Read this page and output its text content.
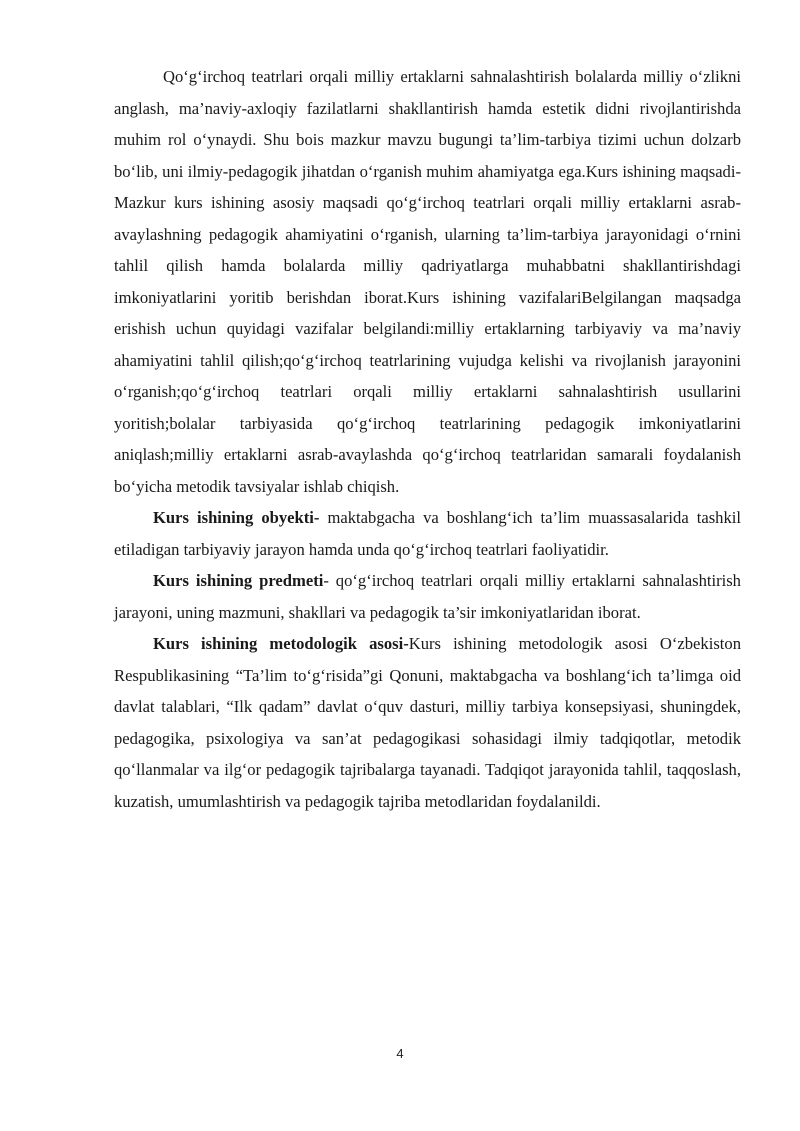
Qo‘g‘irchoq teatrlari orqali milliy ertaklarni sahnalashtirish bolalarda milliy o‘zlikni anglash, ma’naviy-axloqiy fazilatlarni shakllantirish hamda estetik didni rivojlantirishda muhim rol o‘ynaydi. Shu bois mazkur mavzu bugungi ta’lim-tarbiya tizimi uchun dolzarb bo‘lib, uni ilmiy-pedagogik jihatdan o‘rganish muhim ahamiyatga ega.Kurs ishining maqsadi-Mazkur kurs ishining asosiy maqsadi qo‘g‘irchoq teatrlari orqali milliy ertaklarni asrab-avaylashning pedagogik ahamiyatini o‘rganish, ularning ta’lim-tarbiya jarayonidagi o‘rnini tahlil qilish hamda bolalarda milliy qadriyatlarga muhabbatni shakllantirishdagi imkoniyatlarini yoritib berishdan iborat.Kurs ishining vazifalariBelgilangan maqsadga erishish uchun quyidagi vazifalar belgilandi:milliy ertaklarning tarbiyaviy va ma’naviy ahamiyatini tahlil qilish;qo‘g‘irchoq teatrlarining vujudga kelishi va rivojlanish jarayonini o‘rganish;qo‘g‘irchoq teatrlari orqali milliy ertaklarni sahnalashtirish usullarini yoritish;bolalar tarbiyasida qo‘g‘irchoq teatrlarining pedagogik imkoniyatlarini aniqlash;milliy ertaklarni asrab-avaylashda qo‘g‘irchoq teatrlaridan samarali foydalanish bo‘yicha metodik tavsiyalar ishlab chiqish.

Kurs ishining obyekti- maktabgacha va boshlang‘ich ta’lim muassasalarida tashkil etiladigan tarbiyaviy jarayon hamda unda qo‘g‘irchoq teatrlari faoliyatidir.

Kurs ishining predmeti- qo‘g‘irchoq teatrlari orqali milliy ertaklarni sahnalashtirish jarayoni, uning mazmuni, shakllari va pedagogik ta’sir imkoniyatlaridan iborat.

Kurs ishining metodologik asosi-Kurs ishining metodologik asosi O‘zbekiston Respublikasining “Ta’lim to‘g‘risida”gi Qonuni, maktabgacha va boshlang‘ich ta’limga oid davlat talablari, “Ilk qadam” davlat o‘quv dasturi, milliy tarbiya konsepsiyasi, shuningdek, pedagogika, psixologiya va san’at pedagogikasi sohasidagi ilmiy tadqiqotlar, metodik qo‘llanmalar va ilg‘or pedagogik tajribalarga tayanadi. Tadqiqot jarayonida tahlil, taqqoslash, kuzatish, umumlashtirish va pedagogik tajriba metodlaridan foydalanildi.

4
